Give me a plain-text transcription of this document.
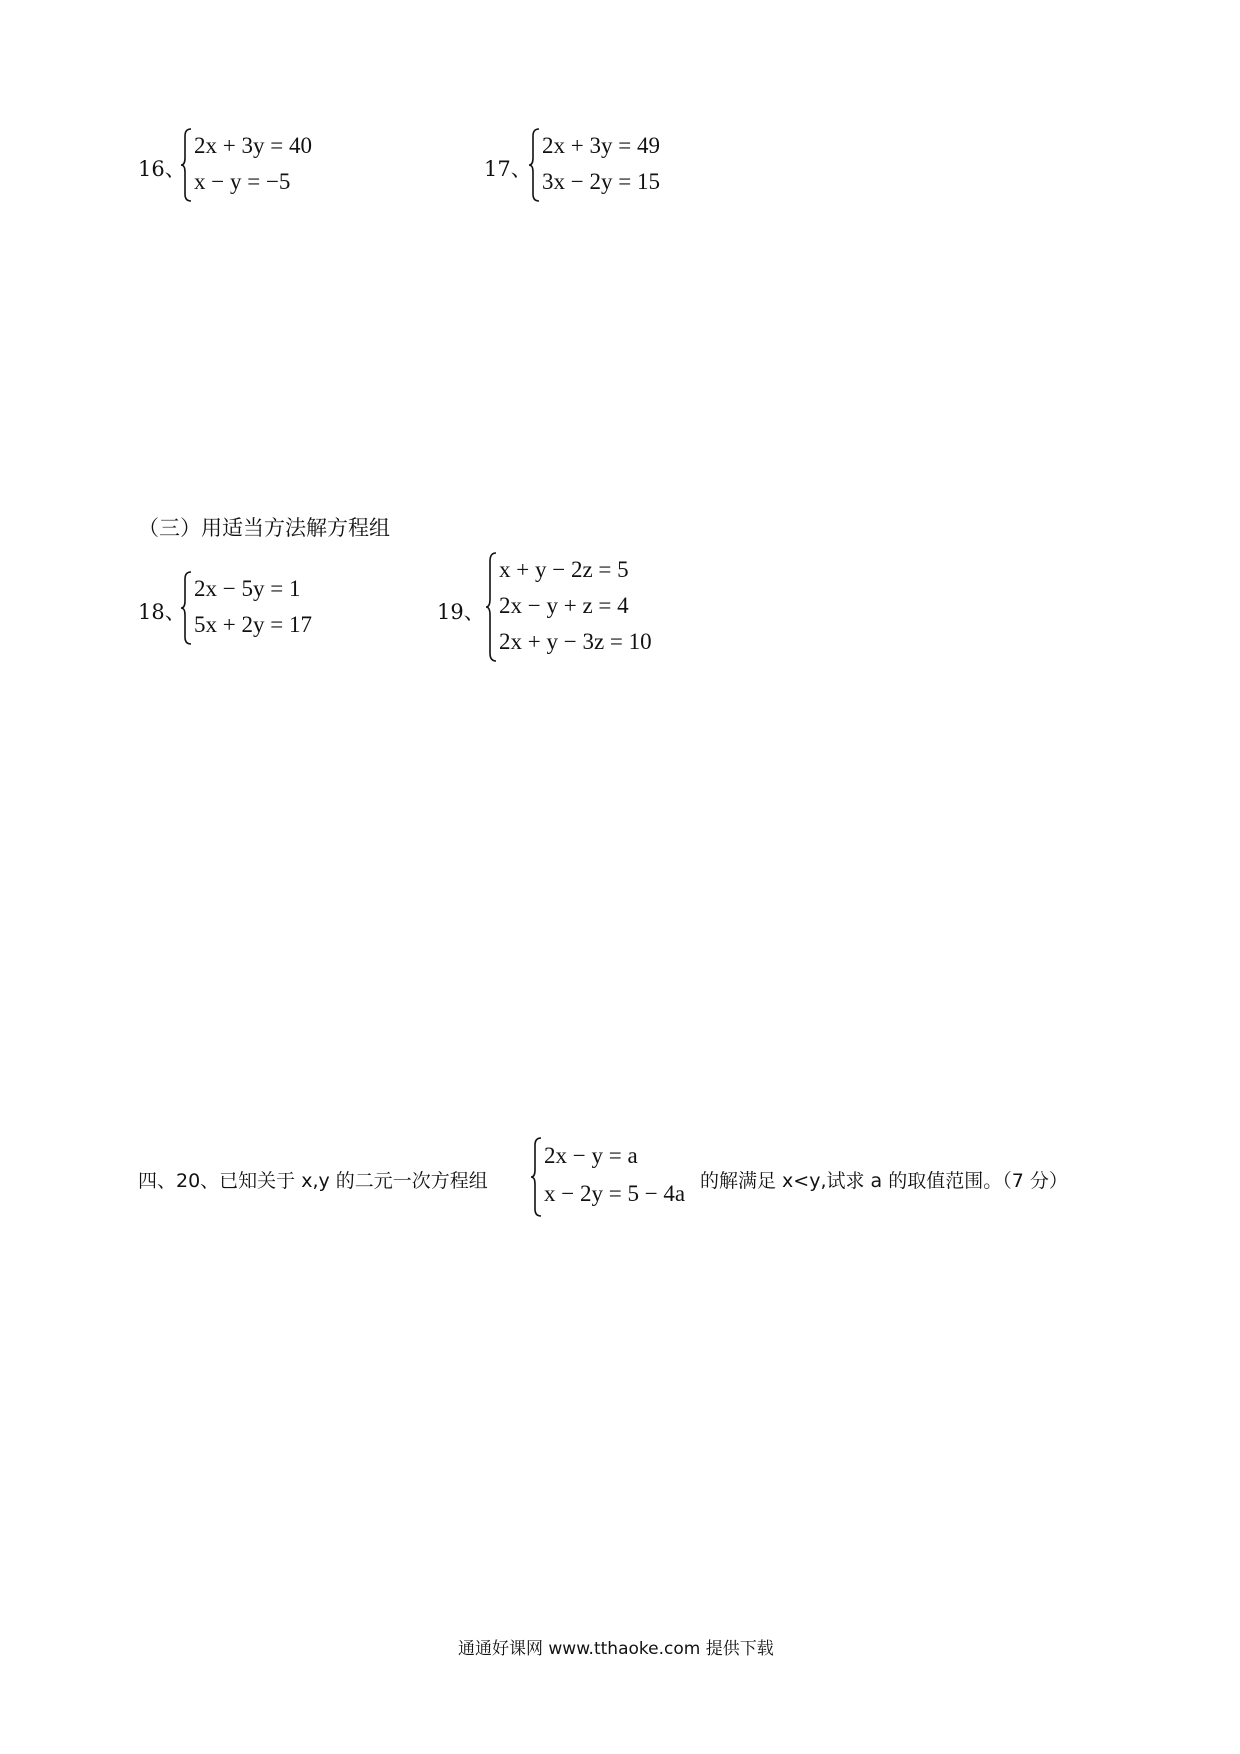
16、
2x + 3y = 40
x − y = −5	17、
2x + 3y = 49
3x − 2y = 15
（三）用适当方法解方程组
18、
2x − 5y = 1
5x + 2y = 17	19、
x + y − 2z = 5
2x − y + z = 4
2x + y − 3z = 10
四、20、已知关于 x,y 的二元一次方程组
2x − y = a
x − 2y = 5 − 4a 的解满足 x<y,试求 a 的取值范围。（7 分）
通通好课网 www.tthaoke.com 提供下载
